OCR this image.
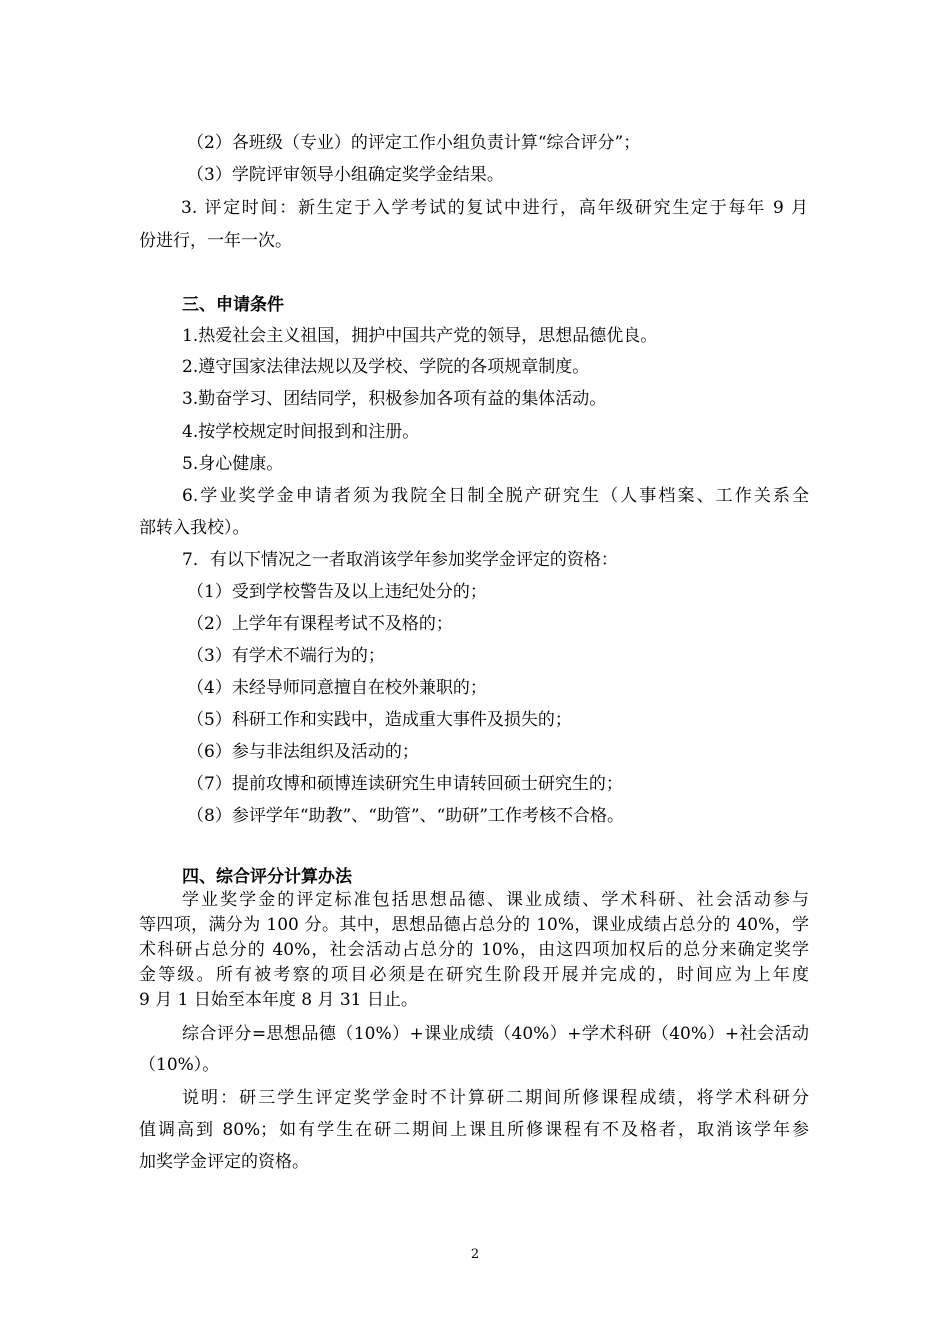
（2）各班级（专业）的评定工作小组负责计算“综合评分”；
（3）学院评审领导小组确定奖学金结果。
3. 评定时间：新生定于入学考试的复试中进行，高年级研究生定于每年 9 月
份进行，一年一次。
三、申请条件
1.热爱社会主义祖国，拥护中国共产党的领导，思想品德优良。
2.遵守国家法律法规以及学校、学院的各项规章制度。
3.勤奋学习、团结同学，积极参加各项有益的集体活动。
4.按学校规定时间报到和注册。
5.身心健康。
6.学业奖学金申请者须为我院全日制全脱产研究生（人事档案、工作关系全
部转入我校）。
7．有以下情况之一者取消该学年参加奖学金评定的资格：
（1）受到学校警告及以上违纪处分的；
（2）上学年有课程考试不及格的；
（3）有学术不端行为的；
（4）未经导师同意擅自在校外兼职的；
（5）科研工作和实践中，造成重大事件及损失的；
（6）参与非法组织及活动的；
（7）提前攻博和硕博连读研究生申请转回硕士研究生的；
（8）参评学年“助教”、“助管”、“助研”工作考核不合格。
四、综合评分计算办法
学业奖学金的评定标准包括思想品德、课业成绩、学术科研、社会活动参与
等四项，满分为 100 分。其中，思想品德占总分的 10%，课业成绩占总分的 40%，学
术科研占总分的 40%，社会活动占总分的 10%，由这四项加权后的总分来确定奖学
金等级。所有被考察的项目必须是在研究生阶段开展并完成的，时间应为上年度
9 月 1 日始至本年度 8 月 31 日止。
综合评分=思想品德（10%）+课业成绩（40%）+学术科研（40%）+社会活动
（10%）。
说明：研三学生评定奖学金时不计算研二期间所修课程成绩，将学术科研分
值调高到 80%；如有学生在研二期间上课且所修课程有不及格者，取消该学年参
加奖学金评定的资格。
2
